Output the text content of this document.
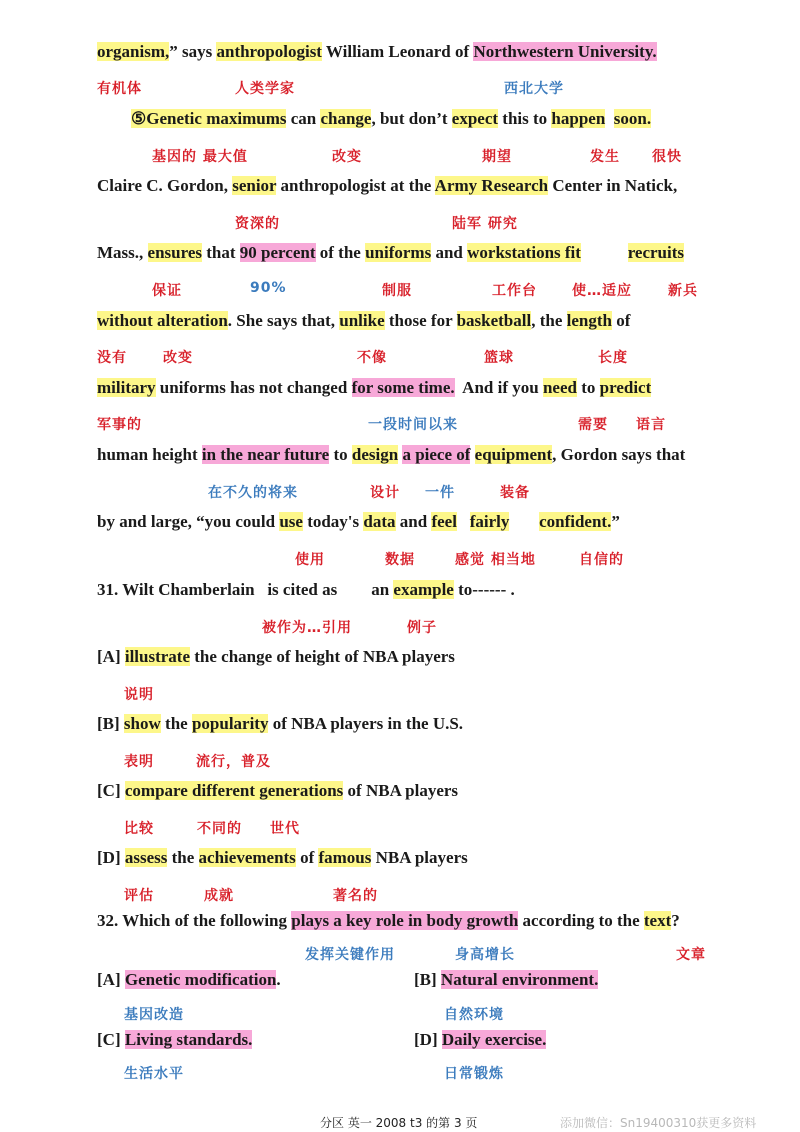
organism,” says anthropologist William Leonard of Northwestern University.
⑤Genetic maximums can change, but don’t expect this to happen soon.
Claire C. Gordon, senior anthropologist at the Army Research Center in Natick,
Mass., ensures that 90 percent of the uniforms and workstations fit	recruits
without alteration. She says that, unlike those for basketball, the length of
military uniforms has not changed for some time.  And if you need to predict
human height in the near future to design a piece of equipment, Gordon says that
by and large, “you could use today's data and feel fairly confident.”
31. Wilt Chamberlain   is cited as        an example to------ .
[A] illustrate the change of height of NBA players
[B] show the popularity of NBA players in the U.S.
[C] compare different generations of NBA players
[D] assess the achievements of famous NBA players
32. Which of the following plays a key role in body growth according to the text?
[A] Genetic modification.	[B] Natural environment.
[C] Living standards.	[D] Daily exercise.
有机体	人类学家	西北大学
基因的 最大值	改变	期望	发生 很快
资深的	陆军 研究
保证	90%	制服	工作台	使…适应	新兵
没有	改变	不像	篮球	长度
军事的	一段时间以来	需要 语言
在不久的将来	设计 一件	装备
使用	数据	感觉 相当地	自信的
被作为…引用	例子
说明
表明	流行，普及
比较	不同的 世代
评估	成就	著名的
发挥关键作用	身高增长	文章
基因改造	自然环境
生活水平	日常锻炼
分区 英一 2008 t3 的第 3 页	添加微信：Sn19400310获更多资料
